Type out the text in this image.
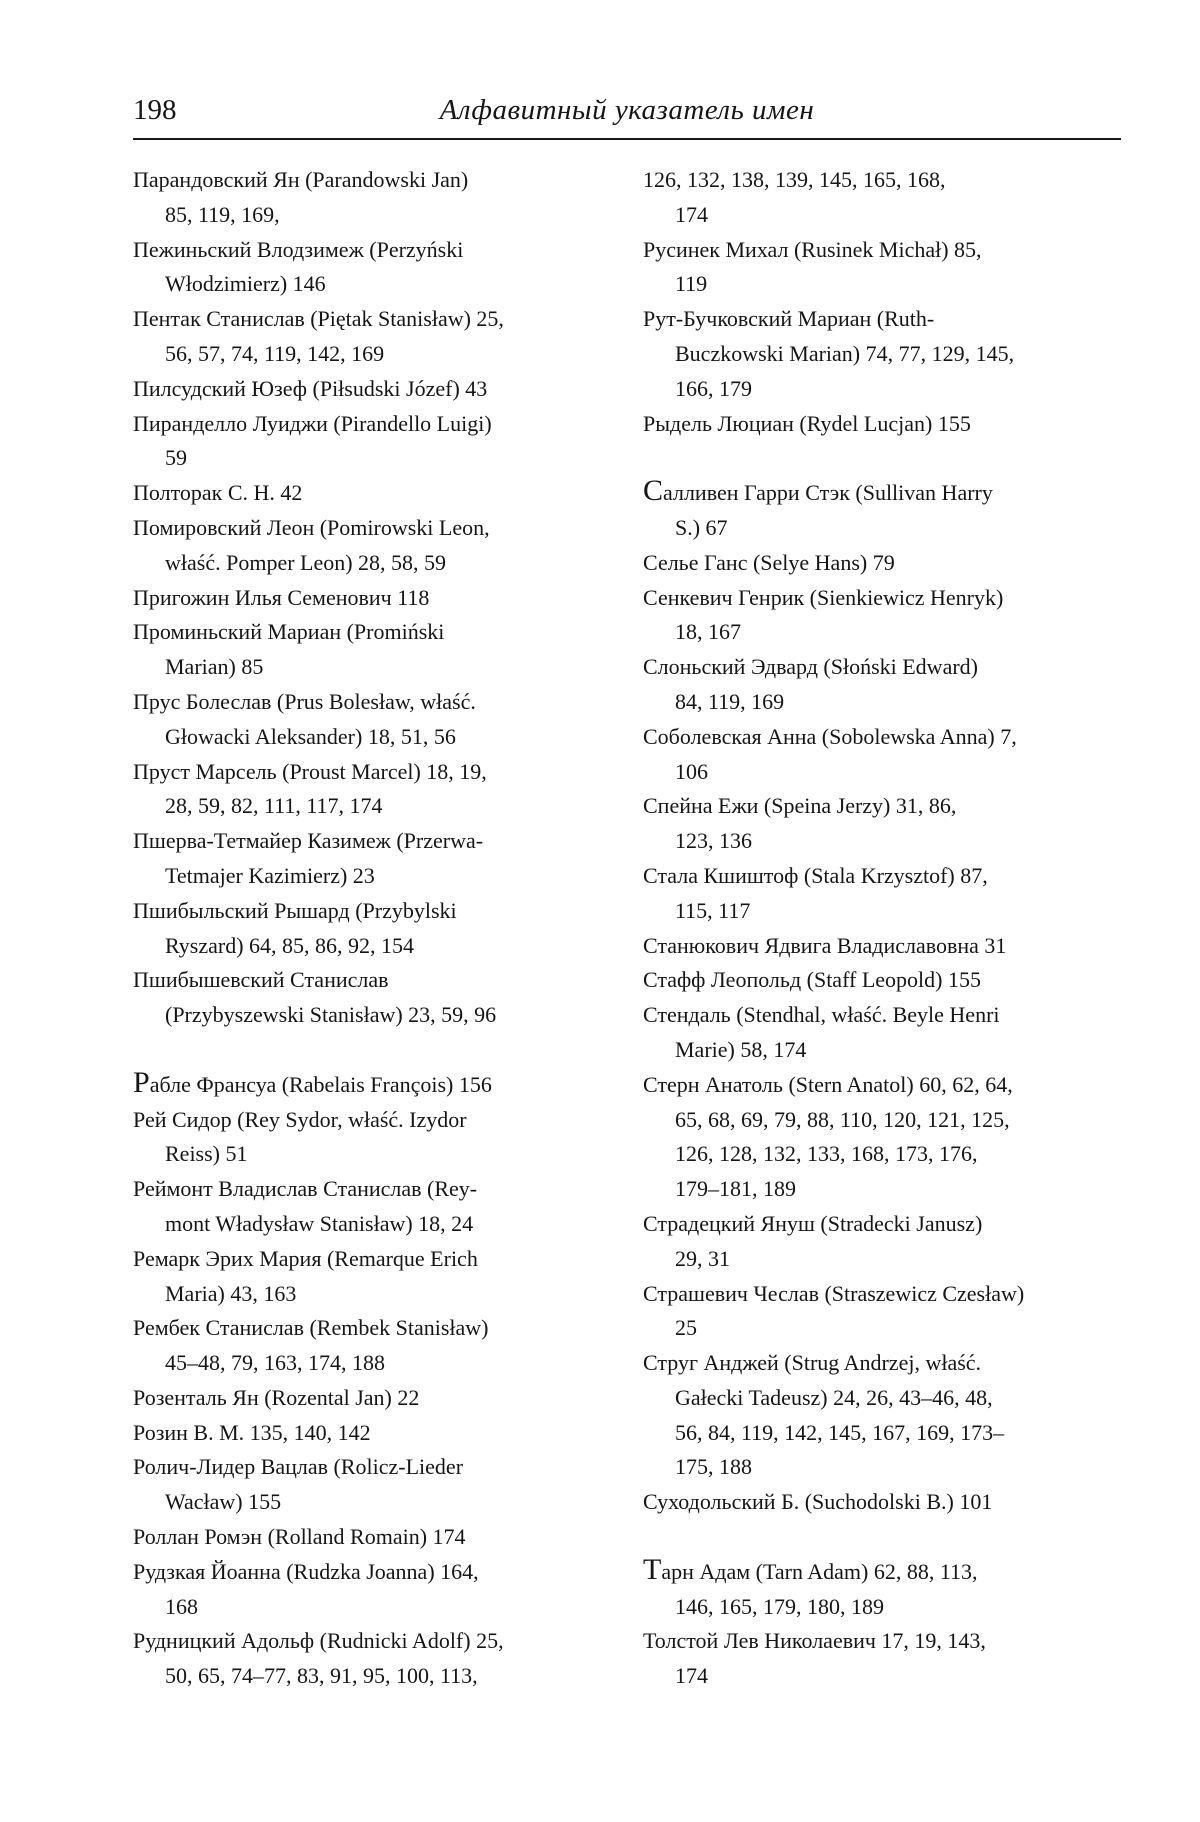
198	Алфавитный указатель имен

Парандовский Ян (Parandowski Jan)
85, 119, 169,

Пежиньский Влодзимеж (Perzyński
Włodzimierz) 146

Пентак Станислав (Piętak Stanisław) 25,
56, 57, 74, 119, 142, 169

Пилсудский Юзеф (Piłsudski Józef) 43

Пиранделло Луиджи (Pirandello Luigi)
59

Полторак С. Н. 42

Помировский Леон (Pomirowski Leon,
właść. Pomper Leon) 28, 58, 59

Пригожин Илья Семенович 118

Проминьский Мариан (Promiński
Marian) 85

Прус Болеслав (Prus Bolesław, właść.
Głowacki Aleksander) 18, 51, 56

Пруст Марсель (Proust Marcel) 18, 19,
28, 59, 82, 111, 117, 174

Пшерва-Тетмайер Казимеж (Przerwa-
Tetmajer Kazimierz) 23

Пшибыльский Рышард (Przybylski
Ryszard) 64, 85, 86, 92, 154

Пшибышевский Станислав
(Przybyszewski Stanisław) 23, 59, 96

Рабле Франсуа (Rabelais François) 156

Рей Сидор (Rey Sydor, właść. Izydor
Reiss) 51

Реймонт Владислав Станислав (Rey-
mont Władysław Stanisław) 18, 24

Ремарк Эрих Мария (Remarque Erich
Maria) 43, 163

Рембек Станислав (Rembek Stanisław)
45–48, 79, 163, 174, 188

Розенталь Ян (Rozental Jan) 22

Розин В. М. 135, 140, 142

Ролич-Лидер Вацлав (Rolicz-Lieder
Wacław) 155

Роллан Ромэн (Rolland Romain) 174

Рудзкая Йоанна (Rudzka Joanna) 164,
168

Рудницкий Адольф (Rudnicki Adolf) 25,
50, 65, 74–77, 83, 91, 95, 100, 113,

126, 132, 138, 139, 145, 165, 168,
174

Русинек Михал (Rusinek Michał) 85,
119

Рут-Бучковский Мариан (Ruth-
Buczkowski Marian) 74, 77, 129, 145,
166, 179

Рыдель Люциан (Rydel Lucjan) 155

Салливен Гарри Стэк (Sullivan Harry
S.) 67

Селье Ганс (Selye Hans) 79

Сенкевич Генрик (Sienkiewicz Henryk)
18, 167

Слоньский Эдвард (Słoński Edward)
84, 119, 169

Соболевская Анна (Sobolewska Anna) 7,
106

Спейна Ежи (Speina Jerzy) 31, 86,
123, 136

Стала Кшиштоф (Stala Krzysztof) 87,
115, 117

Станюкович Ядвига Владиславовна 31

Стафф Леопольд (Staff Leopold) 155

Стендаль (Stendhal, właść. Beyle Henri
Marie) 58, 174

Стерн Анатоль (Stern Anatol) 60, 62, 64,
65, 68, 69, 79, 88, 110, 120, 121, 125,
126, 128, 132, 133, 168, 173, 176,
179–181, 189

Страдецкий Януш (Stradecki Janusz)
29, 31

Страшевич Чеслав (Straszewicz Czesław)
25

Струг Анджей (Strug Andrzej, właść.
Gałecki Tadeusz) 24, 26, 43–46, 48,
56, 84, 119, 142, 145, 167, 169, 173–
175, 188

Суходольский Б. (Suchodolski B.) 101

Тарн Адам (Tarn Adam) 62, 88, 113,
146, 165, 179, 180, 189

Толстой Лев Николаевич 17, 19, 143,
174
